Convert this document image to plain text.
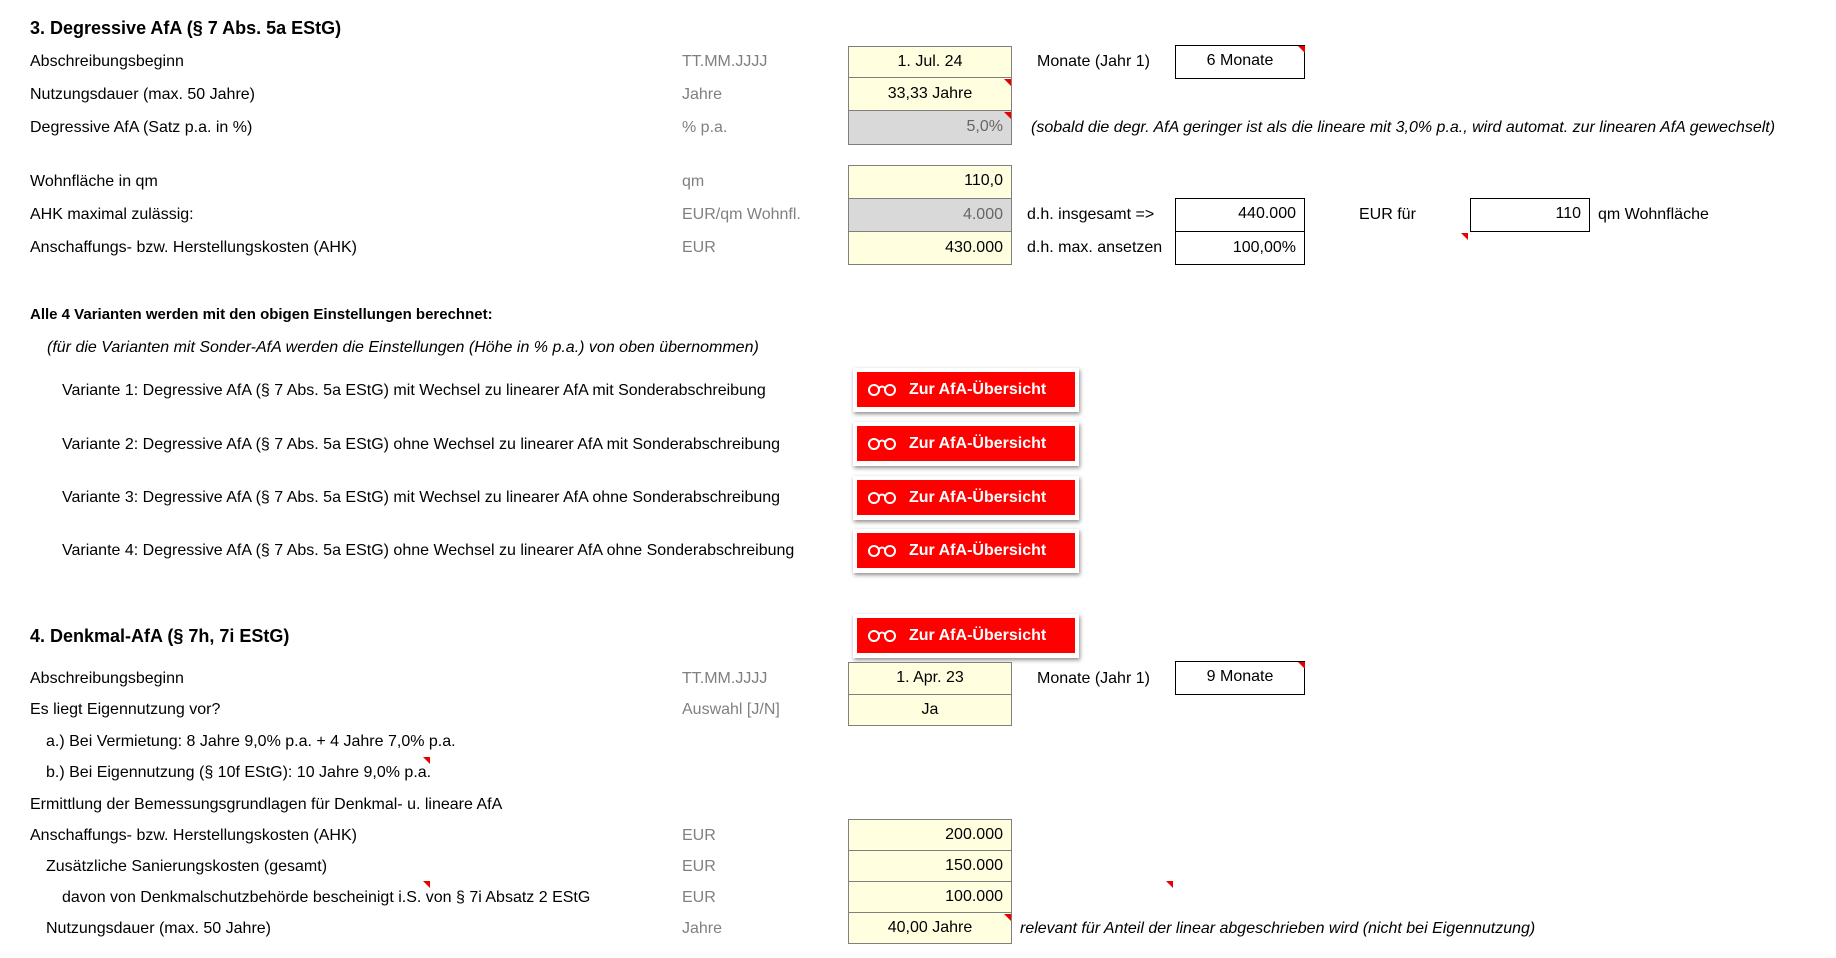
3. Degressive AfA (§ 7 Abs. 5a EStG)
Abschreibungsbeginn	TT.MM.JJJJ	1. Jul. 24	Monate (Jahr 1)	6 Monate
Nutzungsdauer (max. 50 Jahre)	Jahre	33,33 Jahre
Degressive AfA (Satz p.a. in %)	% p.a.	5,0%	(sobald die degr. AfA geringer ist als die lineare mit 3,0% p.a., wird automat. zur linearen AfA gewechselt)
Wohnfläche in qm	qm	110,0
AHK maximal zulässig:	EUR/qm Wohnfl.	4.000	d.h. insgesamt =>	440.000	EUR für	110	qm Wohnfläche
Anschaffungs- bzw. Herstellungskosten (AHK)	EUR	430.000	d.h. max. ansetzen	100,00%
Alle 4 Varianten werden mit den obigen Einstellungen berechnet:
(für die Varianten mit Sonder-AfA werden die Einstellungen (Höhe in % p.a.) von oben übernommen)
Variante 1: Degressive AfA (§ 7 Abs. 5a EStG) mit Wechsel zu linearer AfA mit Sonderabschreibung	Zur AfA-Übersicht
Variante 2: Degressive AfA (§ 7 Abs. 5a EStG) ohne Wechsel zu linearer AfA mit Sonderabschreibung	Zur AfA-Übersicht
Variante 3: Degressive AfA (§ 7 Abs. 5a EStG) mit Wechsel zu linearer AfA ohne Sonderabschreibung	Zur AfA-Übersicht
Variante 4: Degressive AfA (§ 7 Abs. 5a EStG) ohne Wechsel zu linearer AfA ohne Sonderabschreibung	Zur AfA-Übersicht
4. Denkmal-AfA (§ 7h, 7i EStG)	Zur AfA-Übersicht
Abschreibungsbeginn	TT.MM.JJJJ	1. Apr. 23	Monate (Jahr 1)	9 Monate
Es liegt Eigennutzung vor?	Auswahl [J/N]	Ja
a.) Bei Vermietung: 8 Jahre 9,0% p.a. + 4 Jahre 7,0% p.a.
b.) Bei Eigennutzung (§ 10f EStG): 10 Jahre 9,0% p.a.
Ermittlung der Bemessungsgrundlagen für Denkmal- u. lineare AfA
Anschaffungs- bzw. Herstellungskosten (AHK)	EUR	200.000
Zusätzliche Sanierungskosten (gesamt)	EUR	150.000
davon von Denkmalschutzbehörde bescheinigt i.S. von § 7i Absatz 2 EStG	EUR	100.000
Nutzungsdauer (max. 50 Jahre)	Jahre	40,00 Jahre	relevant für Anteil der linear abgeschrieben wird (nicht bei Eigennutzung)
